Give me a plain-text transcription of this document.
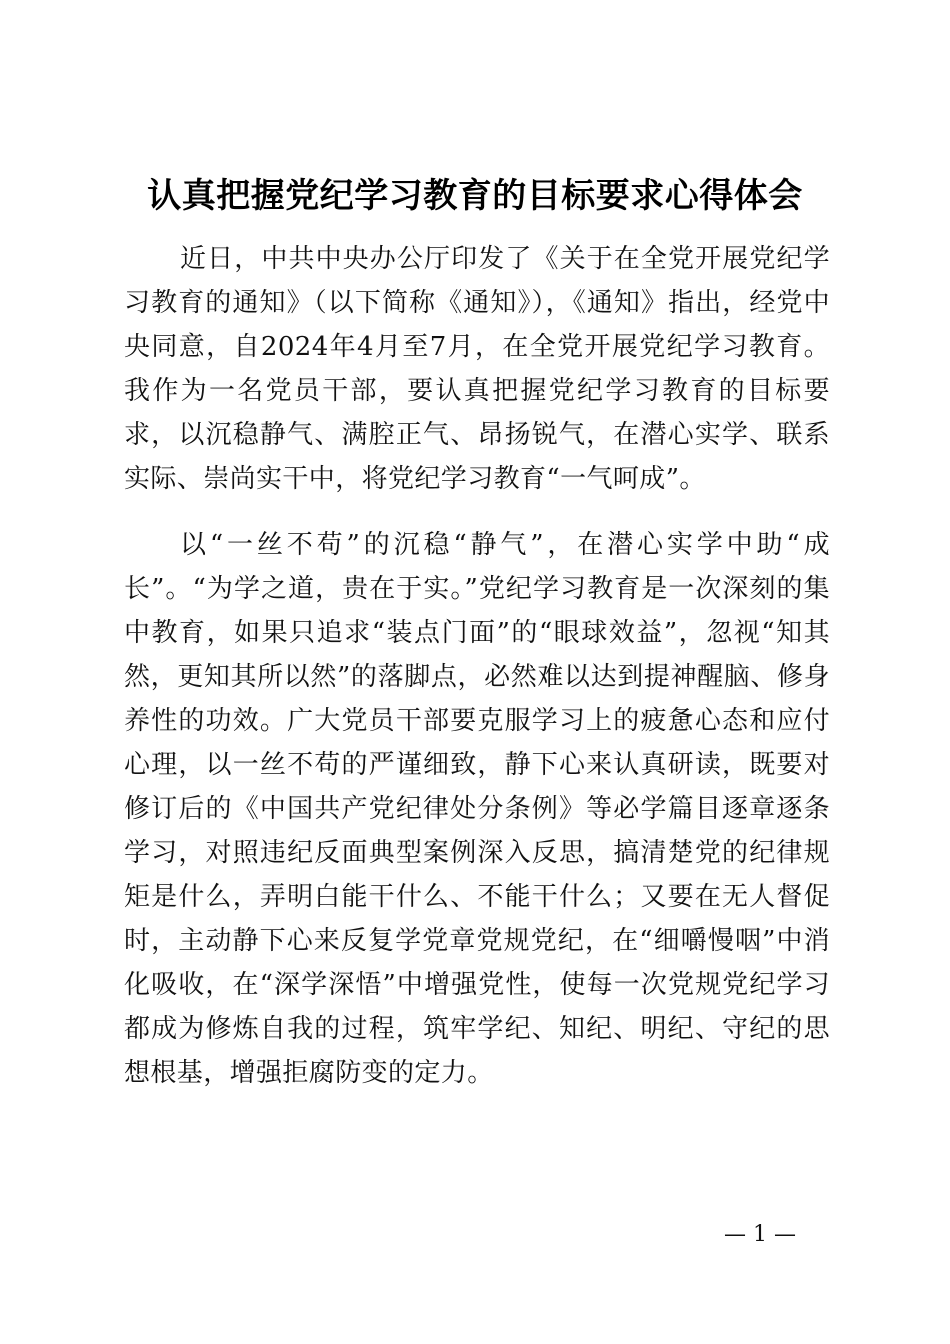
认真把握党纪学习教育的目标要求心得体会

近日，中共中央办公厅印发了《关于在全党开展党纪学习教育的通知》（以下简称《通知》），《通知》指出，经党中央同意，自2024年4月至7月，在全党开展党纪学习教育。我作为一名党员干部，要认真把握党纪学习教育的目标要求，以沉稳静气、满腔正气、昂扬锐气，在潜心实学、联系实际、崇尚实干中，将党纪学习教育“一气呵成”。

以“一丝不苟”的沉稳“静气”，在潜心实学中助“成长”。“为学之道，贵在于实。”党纪学习教育是一次深刻的集中教育，如果只追求“装点门面”的“眼球效益”，忽视“知其然，更知其所以然”的落脚点，必然难以达到提神醒脑、修身养性的功效。广大党员干部要克服学习上的疲惫心态和应付心理，以一丝不苟的严谨细致，静下心来认真研读，既要对修订后的《中国共产党纪律处分条例》等必学篇目逐章逐条学习，对照违纪反面典型案例深入反思，搞清楚党的纪律规矩是什么，弄明白能干什么、不能干什么；又要在无人督促时，主动静下心来反复学党章党规党纪，在“细嚼慢咽”中消化吸收，在“深学深悟”中增强党性，使每一次党规党纪学习都成为修炼自我的过程，筑牢学纪、知纪、明纪、守纪的思想根基，增强拒腐防变的定力。

— 1 —
